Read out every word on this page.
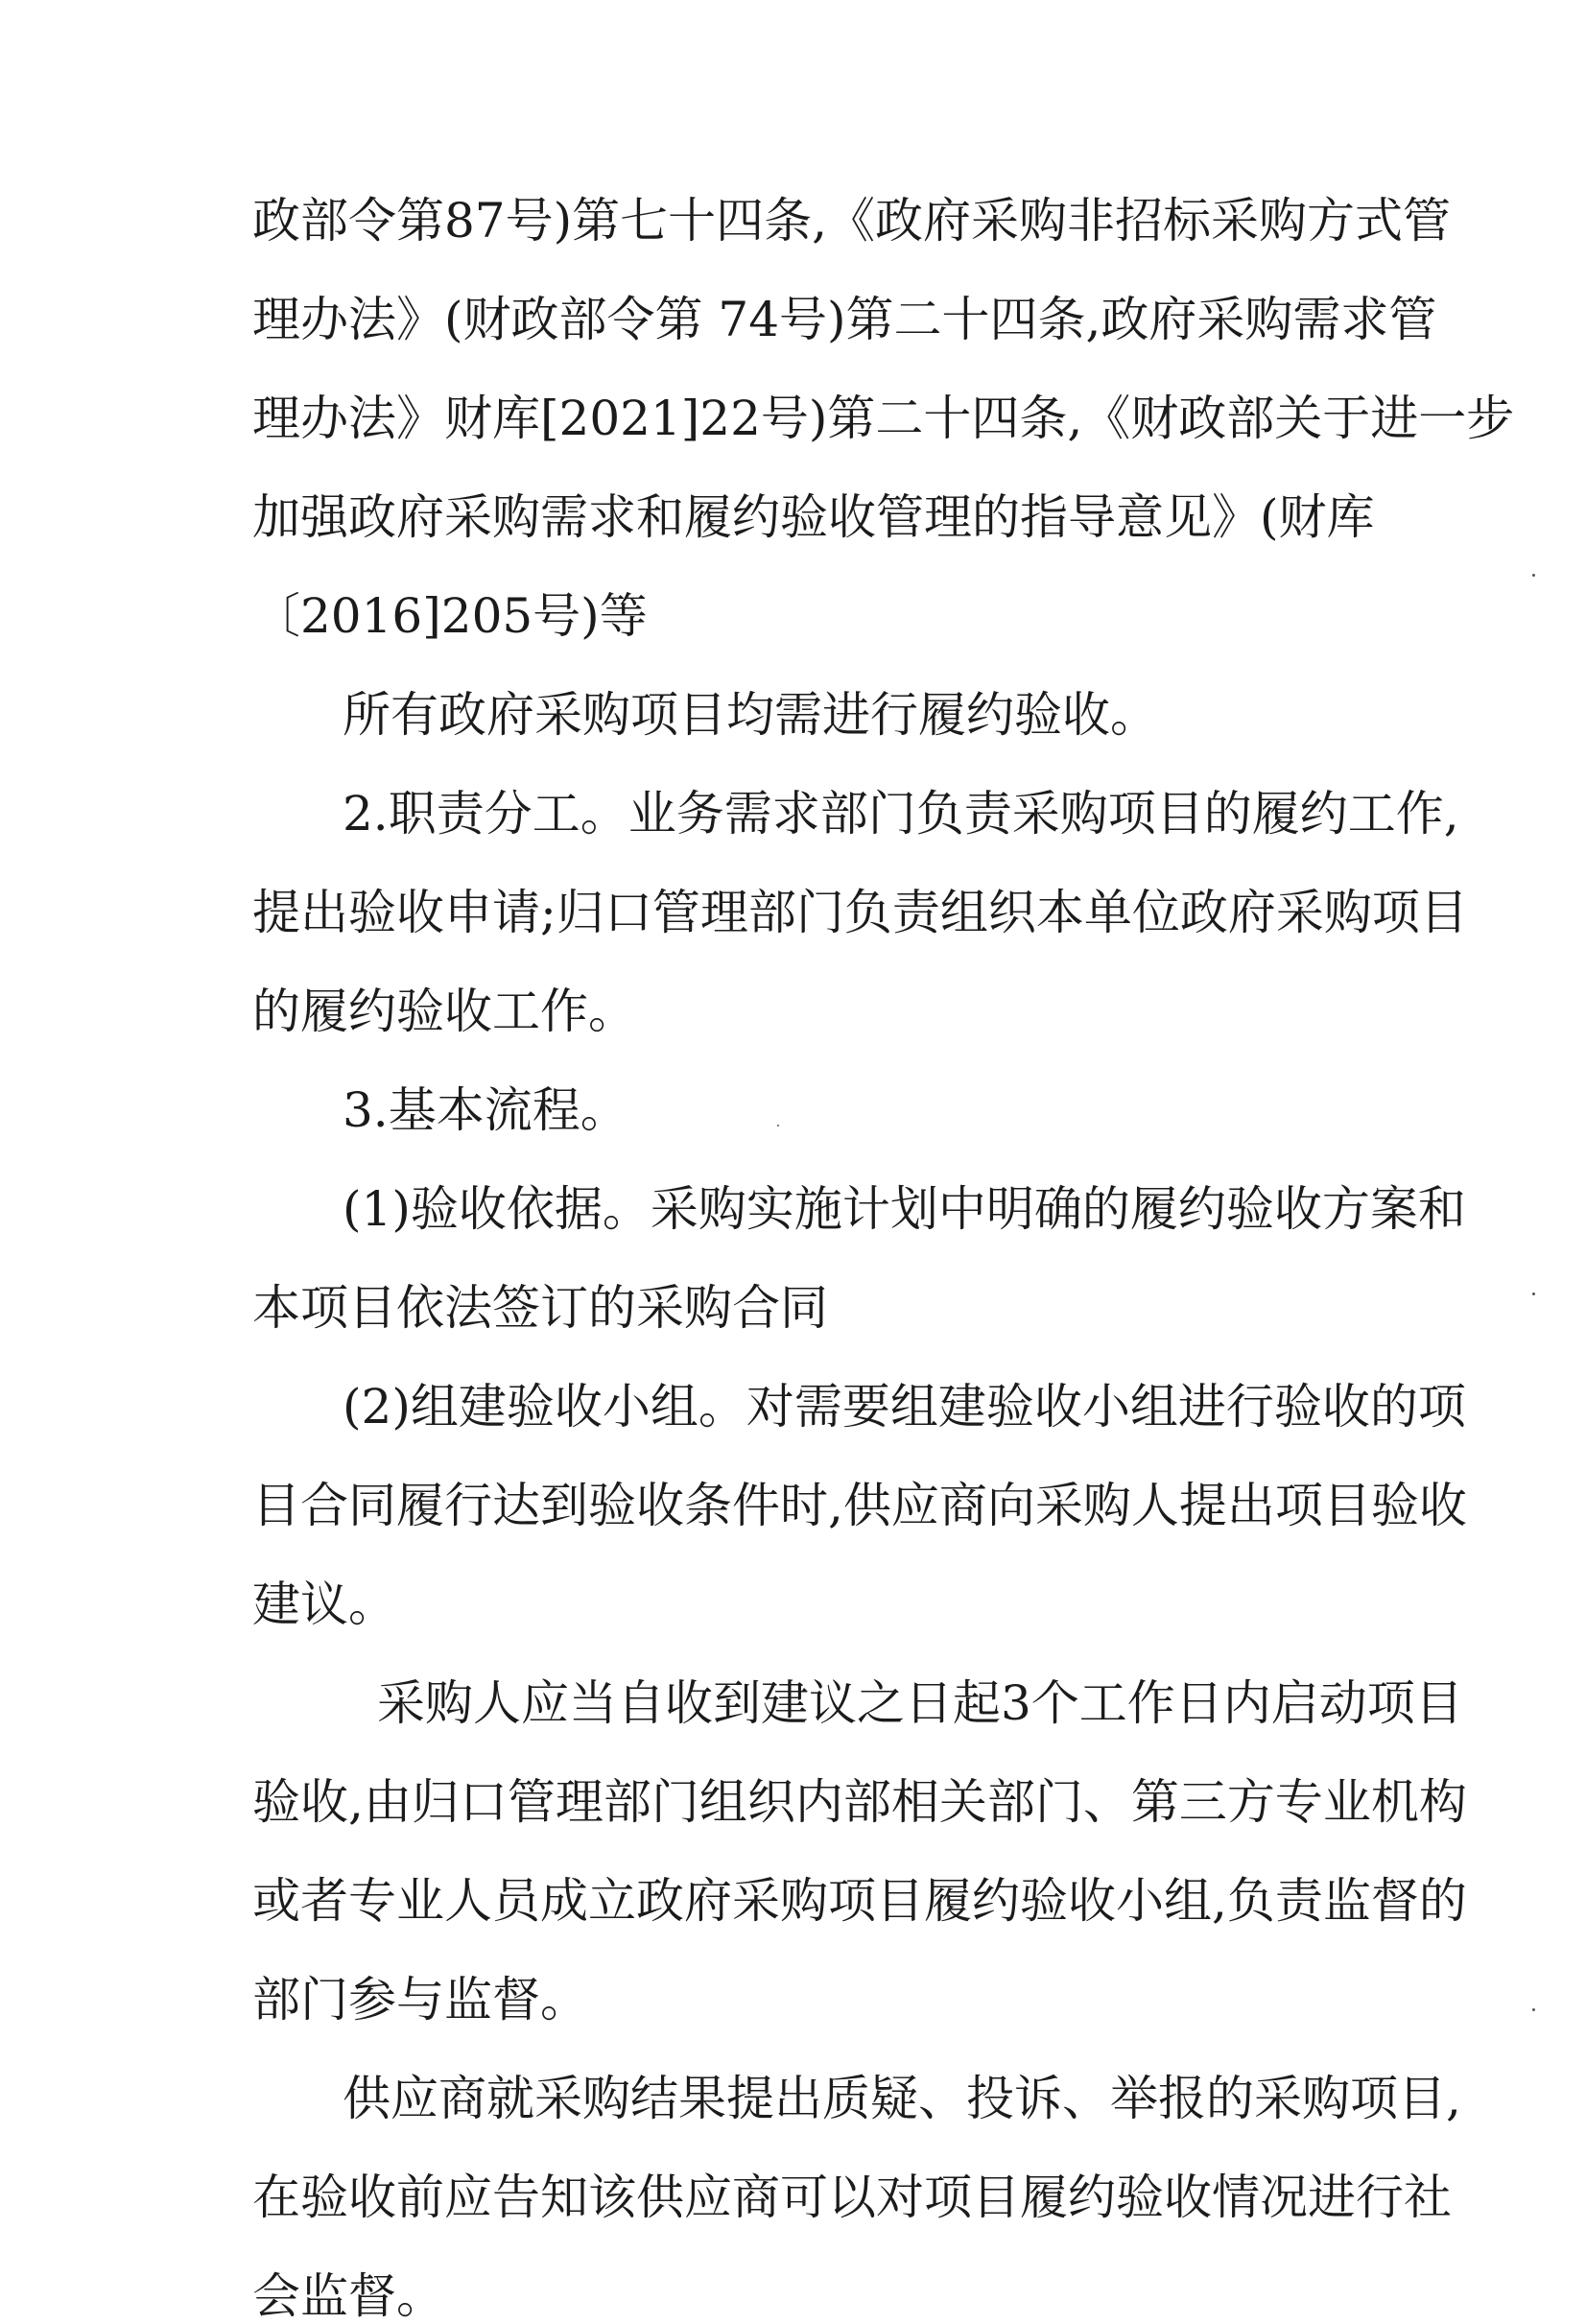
政部令第87号)第七十四条,《政府采购非招标采购方式管
理办法》(财政部令第 74号)第二十四条,政府采购需求管
理办法》财库[2021]22号)第二十四条,《财政部关于进一步
加强政府采购需求和履约验收管理的指导意见》(财库
〔2016]205号)等
所有政府采购项目均需进行履约验收。
2.职责分工。业务需求部门负责采购项目的履约工作,
提出验收申请;归口管理部门负责组织本单位政府采购项目
的履约验收工作。
3.基本流程。
(1)验收依据。采购实施计划中明确的履约验收方案和
本项目依法签订的采购合同
(2)组建验收小组。对需要组建验收小组进行验收的项
目合同履行达到验收条件时,供应商向采购人提出项目验收
建议。
采购人应当自收到建议之日起3个工作日内启动项目
验收,由归口管理部门组织内部相关部门、第三方专业机构
或者专业人员成立政府采购项目履约验收小组,负责监督的
部门参与监督。
供应商就采购结果提出质疑、投诉、举报的采购项目,
在验收前应告知该供应商可以对项目履约验收情况进行社
会监督。
